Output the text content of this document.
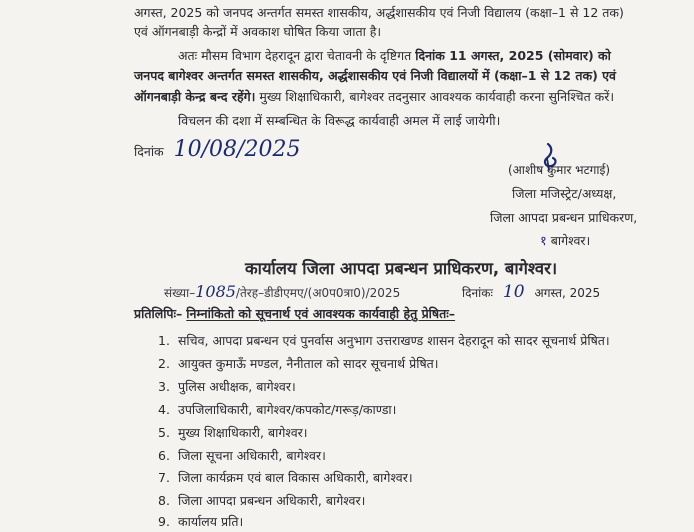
अगस्त, 2025 को जनपद अन्तर्गत समस्त शासकीय, अर्द्धशासकीय एवं निजी विद्यालय (कक्षा–1 से 12 तक)
एवं ऑगनबाड़ी केन्द्रों में अवकाश घोषित किया जाता है।
अतः मौसम विभाग देहरादून द्वारा चेतावनी के दृष्टिगत दिनांक 11 अगस्त, 2025 (सोमवार) को
जनपद बागेश्वर अन्तर्गत समस्त शासकीय, अर्द्धशासकीय एवं निजी विद्यालयों में (कक्षा–1 से 12 तक) एवं
ऑगनबाड़ी केन्द्र बन्द रहेंगे। मुख्य शिक्षाधिकारी, बागेश्वर तदनुसार आवश्यक कार्यवाही करना सुनिश्चित करें।
विचलन की दशा में सम्बन्धित के विरूद्ध कार्यवाही अमल में लाई जायेगी।
दिनांक 10/08/2025
(आशीष कुमार भटगाई)
जिला मजिस्ट्रेट/अध्यक्ष,
जिला आपदा प्रबन्धन प्राधिकरण,
१ बागेश्वर।
कार्यालय जिला आपदा प्रबन्धन प्राधिकरण, बागेश्वर।
संख्या–1085/तेरह–डीडीएमए/(अ0प0त्रा0)/2025	दिनांकः 10 अगस्त, 2025
प्रतिलिपिः– निम्नांकितो को सूचनार्थ एवं आवश्यक कार्यवाही हेतु प्रेषितः–
1. सचिव, आपदा प्रबन्धन एवं पुनर्वास अनुभाग उत्तराखण्ड शासन देहरादून को सादर सूचनार्थ प्रेषित।
2. आयुक्त कुमाऊँ मण्डल, नैनीताल को सादर सूचनार्थ प्रेषित।
3. पुलिस अधीक्षक, बागेश्वर।
4. उपजिलाधिकारी, बागेश्वर/कपकोट/गरूड़/काण्डा।
5. मुख्य शिक्षाधिकारी, बागेश्वर।
6. जिला सूचना अधिकारी, बागेश्वर।
7. जिला कार्यक्रम एवं बाल विकास अधिकारी, बागेश्वर।
8. जिला आपदा प्रबन्धन अधिकारी, बागेश्वर।
9. कार्यालय प्रति।
